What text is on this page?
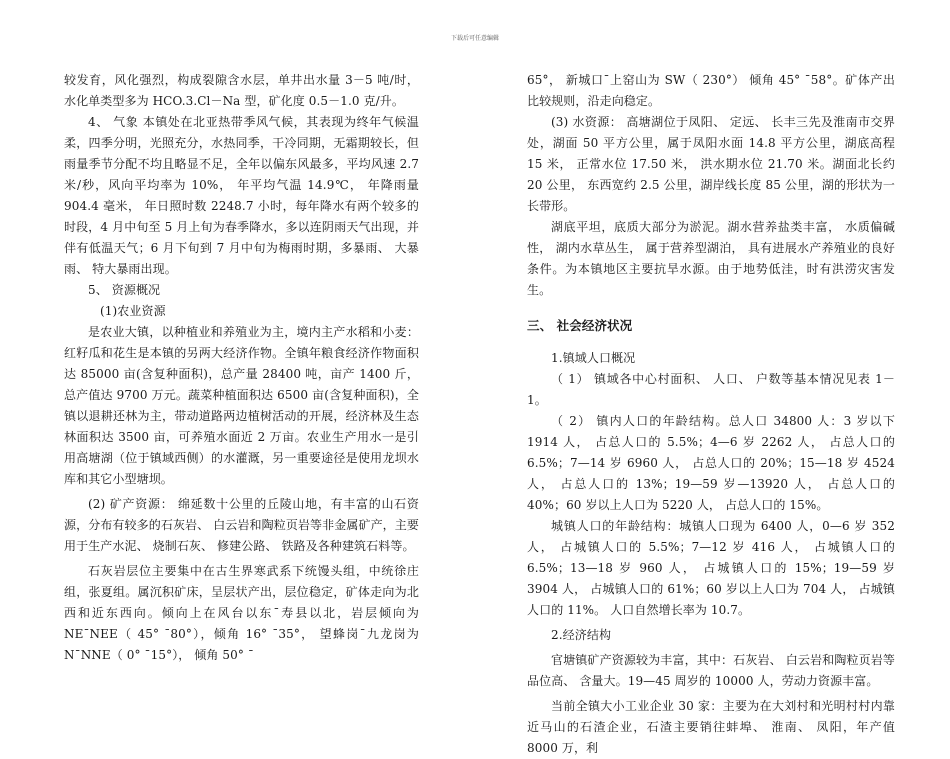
下载后可任意编辑

较发育，风化强烈，构成裂隙含水层，单井出水量 3－5 吨/时， 水化单类型多为 HCO.3.Cl－Na 型，矿化度 0.5－1.0 克/升。

4、 气象 本镇处在北亚热带季风气候，其表现为终年气候温柔，四季分明，光照充分，水热同季，干冷同期，无霜期较长，但雨量季节分配不均且略显不足，全年以偏东风最多，平均风速 2.7 米/秒，风向平均率为 10%， 年平均气温 14.9℃， 年降雨量 904.4 毫米， 年日照时数 2248.7 小时，每年降水有两个较多的时段，4 月中旬至 5 月上旬为春季降水，多以连阴雨天气出现，并伴有低温天气；6 月下旬到 7 月中旬为梅雨时期，多暴雨、 大暴雨、 特大暴雨出现。

5、 资源概况

(1)农业资源

是农业大镇，以种植业和养殖业为主，境内主产水稻和小麦：红籽瓜和花生是本镇的另两大经济作物。全镇年粮食经济作物面积达 85000 亩(含复种面积)，总产量 28400 吨，亩产 1400 斤，总产值达 9700 万元。蔬菜种植面积达 6500 亩(含复种面积)，全镇以退耕还林为主，带动道路两边植树活动的开展，经济林及生态林面积达 3500 亩，可养殖水面近 2 万亩。农业生产用水一是引用高塘湖（位于镇域西侧）的水灌溉，另一重要途径是使用龙坝水库和其它小型塘坝。

(2) 矿产资源： 绵延数十公里的丘陵山地，有丰富的山石资源，分布有较多的石灰岩、 白云岩和陶粒页岩等非金属矿产，主要用于生产水泥、 烧制石灰、 修建公路、 铁路及各种建筑石料等。

石灰岩层位主要集中在古生界寒武系下统馒头组，中统徐庄组，张夏组。属沉积矿床，呈层状产出，层位稳定，矿体走向为北西和近东西向。倾向上在风台以东¯寿县以北，岩层倾向为 NE¯NEE（ 45° ¯80°），倾角 16° ¯35°， 望蜂岗¯九龙岗为 N¯NNE（ 0° ¯15°）， 倾角 50° ¯

65°， 新城口¯上窑山为 SW（ 230°） 倾角 45° ¯58°。矿体产出比较规则，沿走向稳定。

(3) 水资源： 高塘湖位于凤阳、 定远、 长丰三先及淮南市交界处，湖面 50 平方公里，属于凤阳水面 14.8 平方公里，湖底高程 15 米， 正常水位 17.50 米， 洪水期水位 21.70 米。湖面北长约 20 公里， 东西宽约 2.5 公里，湖岸线长度 85 公里，湖的形状为一长带形。

湖底平坦，底质大部分为淤泥。湖水营养盐类丰富， 水质偏碱性， 湖内水草丛生， 属于营养型湖泊， 具有进展水产养殖业的良好条件。为本镇地区主要抗旱水源。由于地势低洼，时有洪涝灾害发生。

三、 社会经济状况

1.镇域人口概况

（ 1） 镇域各中心村面积、 人口、 户数等基本情况见表 1－1。

（ 2） 镇内人口的年龄结构。总人口 34800 人：3 岁以下 1914 人， 占总人口的 5.5%；4—6 岁 2262 人， 占总人口的 6.5%；7—14 岁 6960 人， 占总人口的 20%；15—18 岁 4524 人， 占总人口的 13%；19—59 岁—13920 人， 占总人口的 40%；60 岁以上人口为 5220 人， 占总人口的 15%。

城镇人口的年龄结构：城镇人口现为 6400 人，0—6 岁 352 人， 占城镇人口的 5.5%；7—12 岁 416 人， 占城镇人口的 6.5%；13—18 岁 960 人， 占城镇人口的 15%；19—59 岁 3904 人， 占城镇人口的 61%；60 岁以上人口为 704 人， 占城镇人口的 11%。 人口自然增长率为 10.7。

2.经济结构

官塘镇矿产资源较为丰富，其中：石灰岩、 白云岩和陶粒页岩等品位高、 含量大。19—45 周岁的 10000 人，劳动力资源丰富。

当前全镇大小工业企业 30 家：主要为在大刘村和光明村村内靠近马山的石渣企业，石渣主要销往蚌埠、 淮南、 凤阳，年产值 8000 万，利
